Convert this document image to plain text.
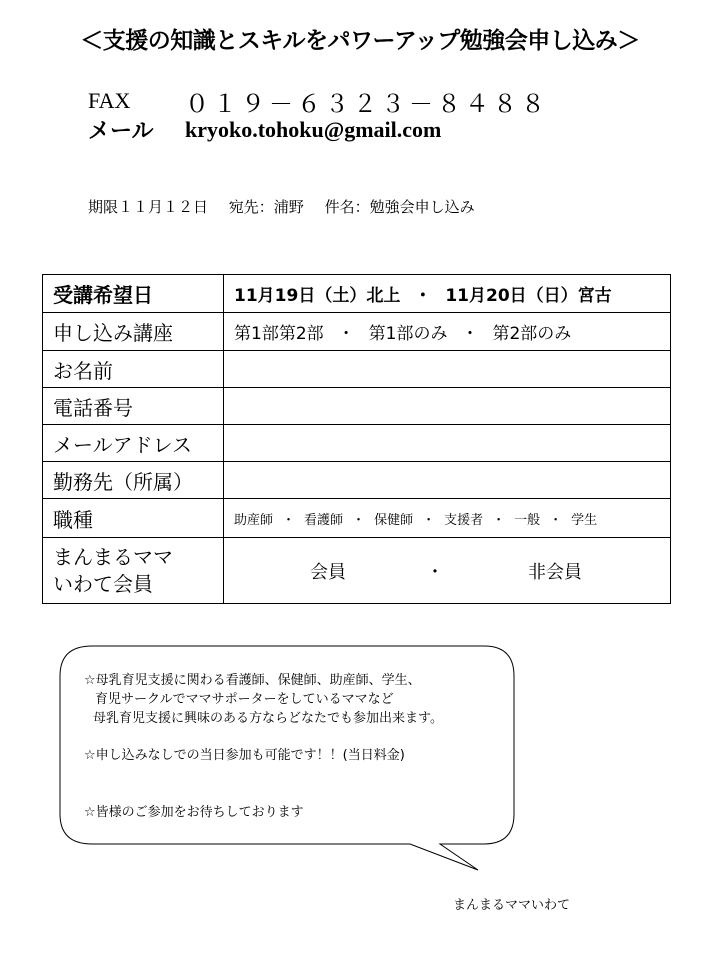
＜支援の知識とスキルをパワーアップ勉強会申し込み＞
FAX ０１９－６３２３－８４８８
メール kryoko.tohoku@gmail.com
期限１１月１２日 宛先：浦野 件名：勉強会申し込み
受講希望日	11月19日（土）北上 ・ 11月20日（日）宮古
申し込み講座	第1部第2部 ・ 第1部のみ ・ 第2部のみ
お名前	
電話番号	
メールアドレス	
勤務先（所属）	
職種	助産師 ・ 看護師 ・ 保健師 ・ 支援者 ・ 一般 ・ 学生

まんまるママ
いわて会員	会員 ・ 非会員
☆母乳育児支援に関わる看護師、保健師、助産師、学生、
育児サークルでママサポーターをしているママなど
母乳育児支援に興味のある方ならどなたでも参加出来ます。
☆申し込みなしでの当日参加も可能です！！(当日料金)
☆皆様のご参加をお待ちしております
まんまるママいわて
